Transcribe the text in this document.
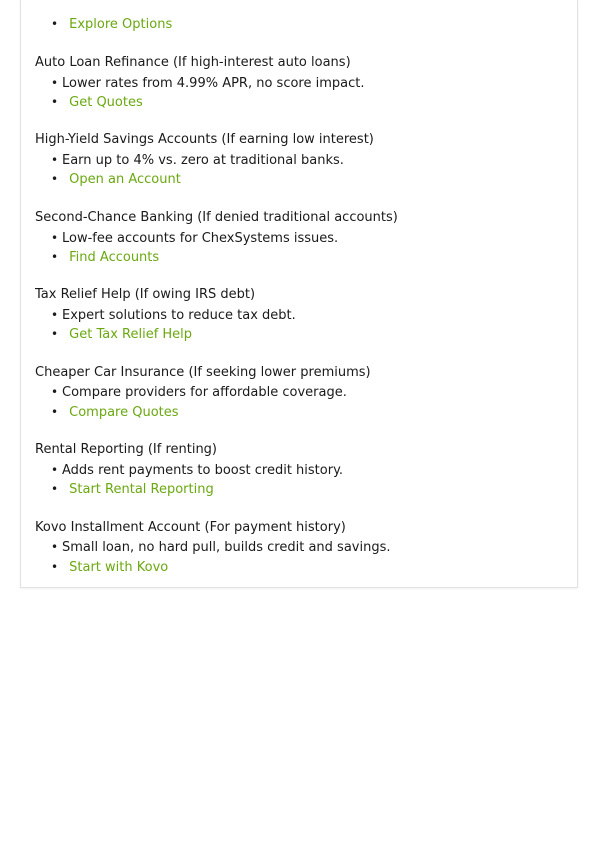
• Explore Options
Auto Loan Refinance (If high-interest auto loans)
• Lower rates from 4.99% APR, no score impact.
• Get Quotes
High-Yield Savings Accounts (If earning low interest)
• Earn up to 4% vs. zero at traditional banks.
• Open an Account
Second-Chance Banking (If denied traditional accounts)
• Low-fee accounts for ChexSystems issues.
• Find Accounts
Tax Relief Help (If owing IRS debt)
• Expert solutions to reduce tax debt.
• Get Tax Relief Help
Cheaper Car Insurance (If seeking lower premiums)
• Compare providers for affordable coverage.
• Compare Quotes
Rental Reporting (If renting)
• Adds rent payments to boost credit history.
• Start Rental Reporting
Kovo Installment Account (For payment history)
• Small loan, no hard pull, builds credit and savings.
• Start with Kovo
